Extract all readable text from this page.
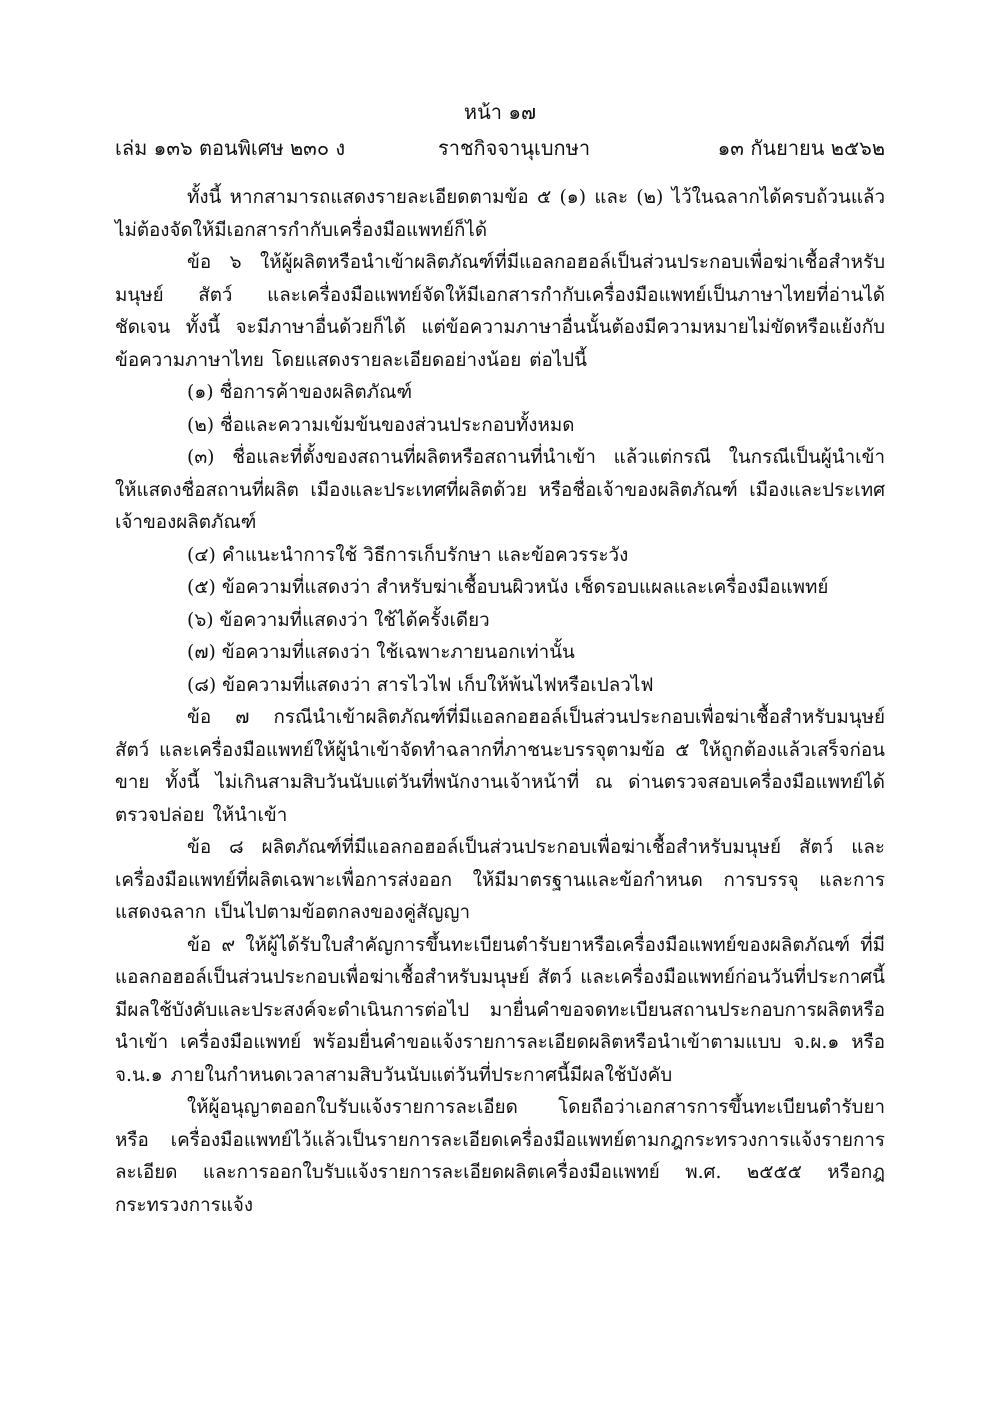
หน้า ๑๗
เล่ม ๑๓๖ ตอนพิเศษ ๒๓๐ ง	ราชกิจจานุเบกษา	๑๓ กันยายน ๒๕๖๒

ทั้งนี้ หากสามารถแสดงรายละเอียดตามข้อ ๕ (๑) และ (๒) ไว้ในฉลากได้ครบถ้วนแล้ว ไม่ต้องจัดให้มีเอกสารกำกับเครื่องมือแพทย์ก็ได้

ข้อ ๖ ให้ผู้ผลิตหรือนำเข้าผลิตภัณฑ์ที่มีแอลกอฮอล์เป็นส่วนประกอบเพื่อฆ่าเชื้อสำหรับมนุษย์ สัตว์ และเครื่องมือแพทย์จัดให้มีเอกสารกำกับเครื่องมือแพทย์เป็นภาษาไทยที่อ่านได้ชัดเจน ทั้งนี้ จะมีภาษาอื่นด้วยก็ได้ แต่ข้อความภาษาอื่นนั้นต้องมีความหมายไม่ขัดหรือแย้งกับข้อความภาษาไทย โดยแสดงรายละเอียดอย่างน้อย ต่อไปนี้

(๑) ชื่อการค้าของผลิตภัณฑ์

(๒) ชื่อและความเข้มข้นของส่วนประกอบทั้งหมด

(๓) ชื่อและที่ตั้งของสถานที่ผลิตหรือสถานที่นำเข้า แล้วแต่กรณี ในกรณีเป็นผู้นำเข้า ให้แสดงชื่อสถานที่ผลิต เมืองและประเทศที่ผลิตด้วย หรือชื่อเจ้าของผลิตภัณฑ์ เมืองและประเทศ เจ้าของผลิตภัณฑ์

(๔) คำแนะนำการใช้ วิธีการเก็บรักษา และข้อควรระวัง

(๕) ข้อความที่แสดงว่า สำหรับฆ่าเชื้อบนผิวหนัง เช็ดรอบแผลและเครื่องมือแพทย์

(๖) ข้อความที่แสดงว่า ใช้ได้ครั้งเดียว

(๗) ข้อความที่แสดงว่า ใช้เฉพาะภายนอกเท่านั้น

(๘) ข้อความที่แสดงว่า สารไวไฟ เก็บให้พ้นไฟหรือเปลวไฟ

ข้อ ๗ กรณีนำเข้าผลิตภัณฑ์ที่มีแอลกอฮอล์เป็นส่วนประกอบเพื่อฆ่าเชื้อสำหรับมนุษย์ สัตว์ และเครื่องมือแพทย์ให้ผู้นำเข้าจัดทำฉลากที่ภาชนะบรรจุตามข้อ ๕ ให้ถูกต้องแล้วเสร็จก่อนขาย ทั้งนี้ ไม่เกินสามสิบวันนับแต่วันที่พนักงานเจ้าหน้าที่ ณ ด่านตรวจสอบเครื่องมือแพทย์ได้ตรวจปล่อย ให้นำเข้า

ข้อ ๘ ผลิตภัณฑ์ที่มีแอลกอฮอล์เป็นส่วนประกอบเพื่อฆ่าเชื้อสำหรับมนุษย์ สัตว์ และ เครื่องมือแพทย์ที่ผลิตเฉพาะเพื่อการส่งออก ให้มีมาตรฐานและข้อกำหนด การบรรจุ และการแสดงฉลาก เป็นไปตามข้อตกลงของคู่สัญญา

ข้อ ๙ ให้ผู้ได้รับใบสำคัญการขึ้นทะเบียนตำรับยาหรือเครื่องมือแพทย์ของผลิตภัณฑ์ ที่มีแอลกอฮอล์เป็นส่วนประกอบเพื่อฆ่าเชื้อสำหรับมนุษย์ สัตว์ และเครื่องมือแพทย์ก่อนวันที่ประกาศนี้ มีผลใช้บังคับและประสงค์จะดำเนินการต่อไป มายื่นคำขอจดทะเบียนสถานประกอบการผลิตหรือนำเข้า เครื่องมือแพทย์ พร้อมยื่นคำขอแจ้งรายการละเอียดผลิตหรือนำเข้าตามแบบ จ.ผ.๑ หรือ จ.น.๑ ภายในกำหนดเวลาสามสิบวันนับแต่วันที่ประกาศนี้มีผลใช้บังคับ

ให้ผู้อนุญาตออกใบรับแจ้งรายการละเอียด โดยถือว่าเอกสารการขึ้นทะเบียนตำรับยาหรือ เครื่องมือแพทย์ไว้แล้วเป็นรายการละเอียดเครื่องมือแพทย์ตามกฎกระทรวงการแจ้งรายการละเอียด และการออกใบรับแจ้งรายการละเอียดผลิตเครื่องมือแพทย์ พ.ศ. ๒๕๕๕ หรือกฎกระทรวงการแจ้ง
